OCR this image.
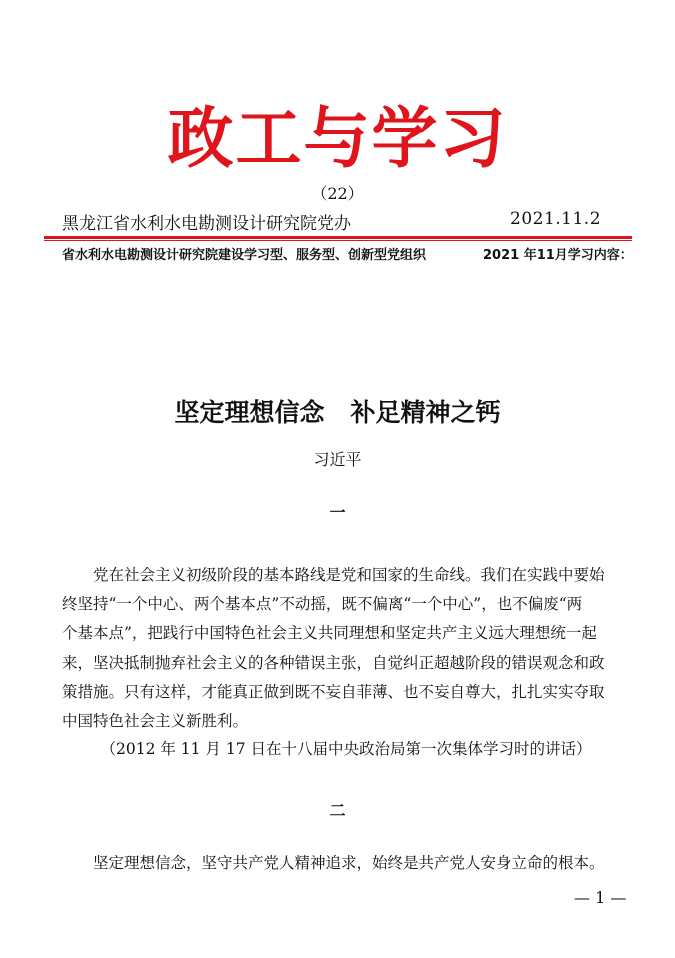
政工与学习
（22）
黑龙江省水利水电勘测设计研究院党办	2021.11.2
省水利水电勘测设计研究院建设学习型、服务型、创新型党组织	2021 年11月学习内容：
坚定理想信念   补足精神之钙
习近平
一
党在社会主义初级阶段的基本路线是党和国家的生命线。我们在实践中要始
终坚持“一个中心、两个基本点”不动摇，既不偏离“一个中心”，也不偏废“两
个基本点”，把践行中国特色社会主义共同理想和坚定共产主义远大理想统一起
来，坚决抵制抛弃社会主义的各种错误主张，自觉纠正超越阶段的错误观念和政
策措施。只有这样，才能真正做到既不妄自菲薄、也不妄自尊大，扎扎实实夺取
中国特色社会主义新胜利。
（2012 年 11 月 17 日在十八届中央政治局第一次集体学习时的讲话）
二
坚定理想信念，坚守共产党人精神追求，始终是共产党人安身立命的根本。
— 1 —
